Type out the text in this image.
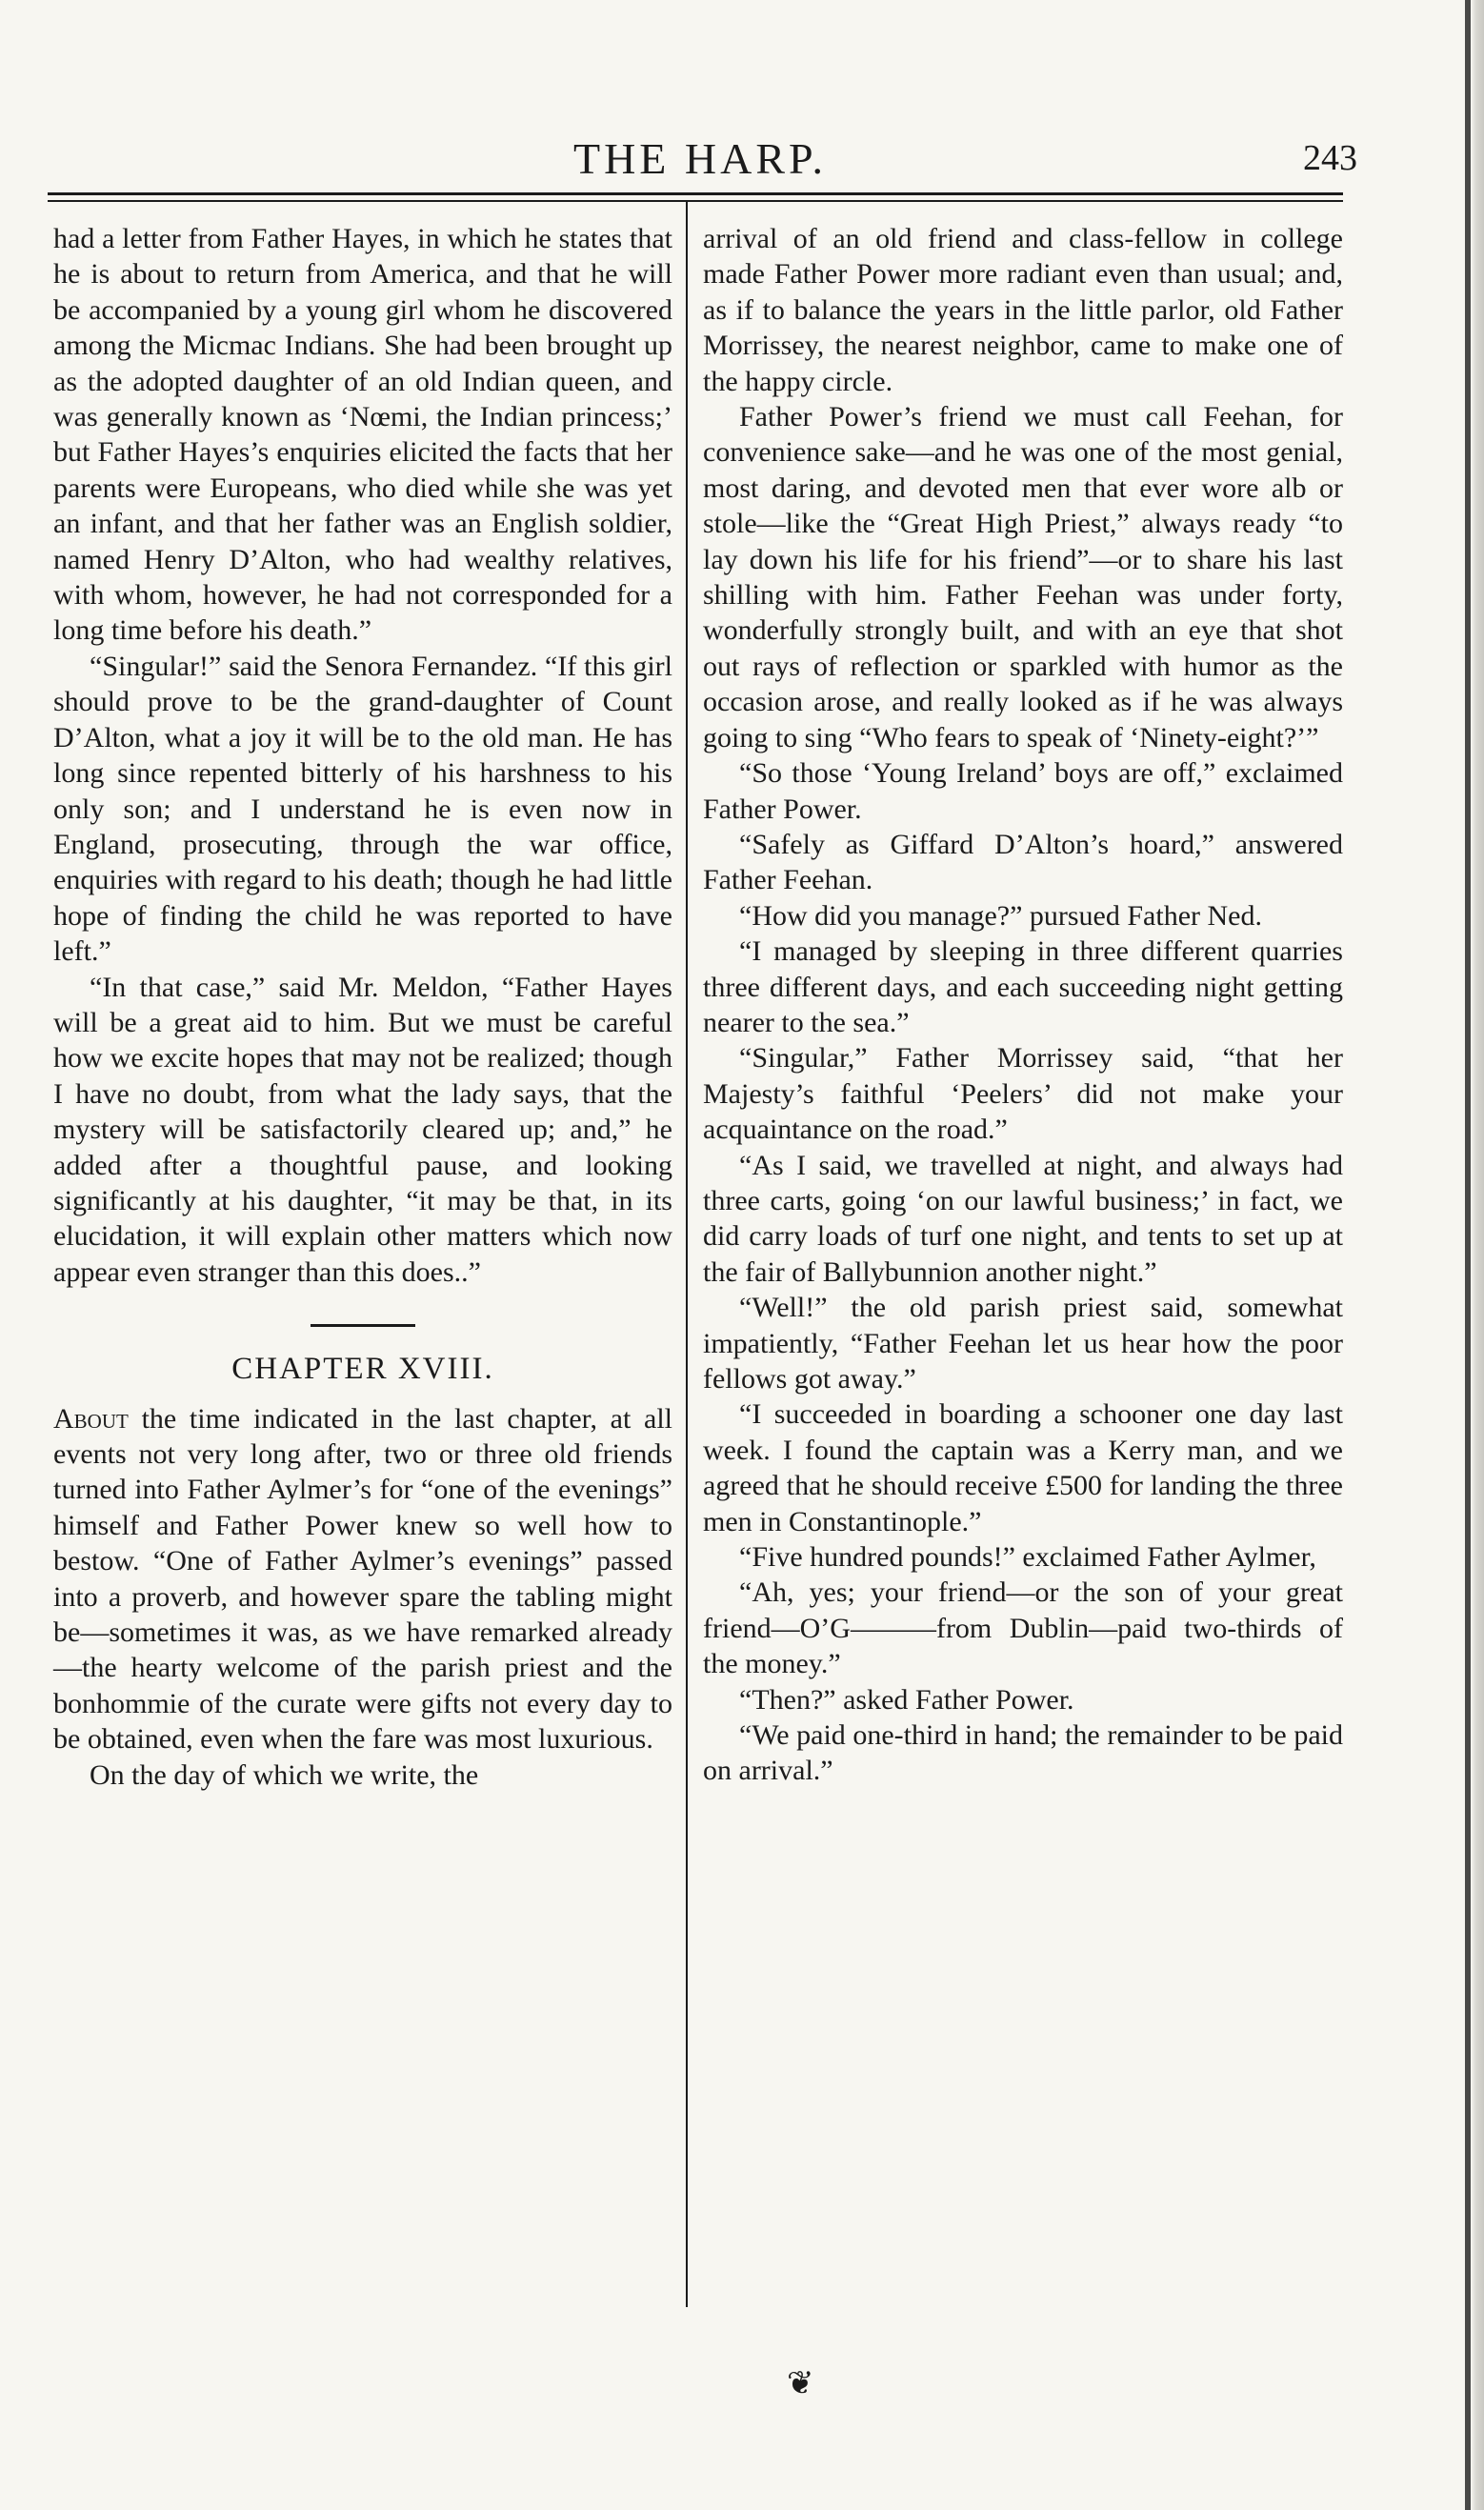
THE HARP.	243

had a letter from Father Hayes, in which he states that he is about to return from America, and that he will be accompanied by a young girl whom he discovered among the Micmac Indians. She had been brought up as the adopted daughter of an old Indian queen, and was generally known as ‘Nœmi, the Indian princess;’ but Father Hayes’s enquiries elicited the facts that her parents were Europeans, who died while she was yet an infant, and that her father was an English soldier, named Henry D’Alton, who had wealthy relatives, with whom, however, he had not corresponded for a long time before his death.”

“Singular!” said the Senora Fernandez. “If this girl should prove to be the grand-daughter of Count D’Alton, what a joy it will be to the old man. He has long since repented bitterly of his harshness to his only son; and I understand he is even now in England, prosecuting, through the war office, enquiries with regard to his death; though he had little hope of finding the child he was reported to have left.”

“In that case,” said Mr. Meldon, “Father Hayes will be a great aid to him. But we must be careful how we excite hopes that may not be realized; though I have no doubt, from what the lady says, that the mystery will be satisfactorily cleared up; and,” he added after a thoughtful pause, and looking significantly at his daughter, “it may be that, in its elucidation, it will explain other matters which now appear even stranger than this does..”

CHAPTER XVIII.

About the time indicated in the last chapter, at all events not very long after, two or three old friends turned into Father Aylmer’s for “one of the evenings” himself and Father Power knew so well how to bestow. “One of Father Aylmer’s evenings” passed into a proverb, and however spare the tabling might be—sometimes it was, as we have remarked already—the hearty welcome of the parish priest and the bonhommie of the curate were gifts not every day to be obtained, even when the fare was most luxurious.

On the day of which we write, the

arrival of an old friend and class-fellow in college made Father Power more radiant even than usual; and, as if to balance the years in the little parlor, old Father Morrissey, the nearest neighbor, came to make one of the happy circle.

Father Power’s friend we must call Feehan, for convenience sake—and he was one of the most genial, most daring, and devoted men that ever wore alb or stole—like the “Great High Priest,” always ready “to lay down his life for his friend”—or to share his last shilling with him. Father Feehan was under forty, wonderfully strongly built, and with an eye that shot out rays of reflection or sparkled with humor as the occasion arose, and really looked as if he was always going to sing “Who fears to speak of ‘Ninety-eight?’”

“So those ‘Young Ireland’ boys are off,” exclaimed Father Power.

“Safely as Giffard D’Alton’s hoard,” answered Father Feehan.

“How did you manage?” pursued Father Ned.

“I managed by sleeping in three different quarries three different days, and each succeeding night getting nearer to the sea.”

“Singular,” Father Morrissey said, “that her Majesty’s faithful ‘Peelers’ did not make your acquaintance on the road.”

“As I said, we travelled at night, and always had three carts, going ‘on our lawful business;’ in fact, we did carry loads of turf one night, and tents to set up at the fair of Ballybunnion another night.”

“Well!” the old parish priest said, somewhat impatiently, “Father Feehan let us hear how the poor fellows got away.”

“I succeeded in boarding a schooner one day last week. I found the captain was a Kerry man, and we agreed that he should receive £500 for landing the three men in Constantinople.”

“Five hundred pounds!” exclaimed Father Aylmer,

“Ah, yes; your friend—or the son of your great friend—O’G———from Dublin—paid two-thirds of the money.”

“Then?” asked Father Power.

“We paid one-third in hand; the remainder to be paid on arrival.”

❦
